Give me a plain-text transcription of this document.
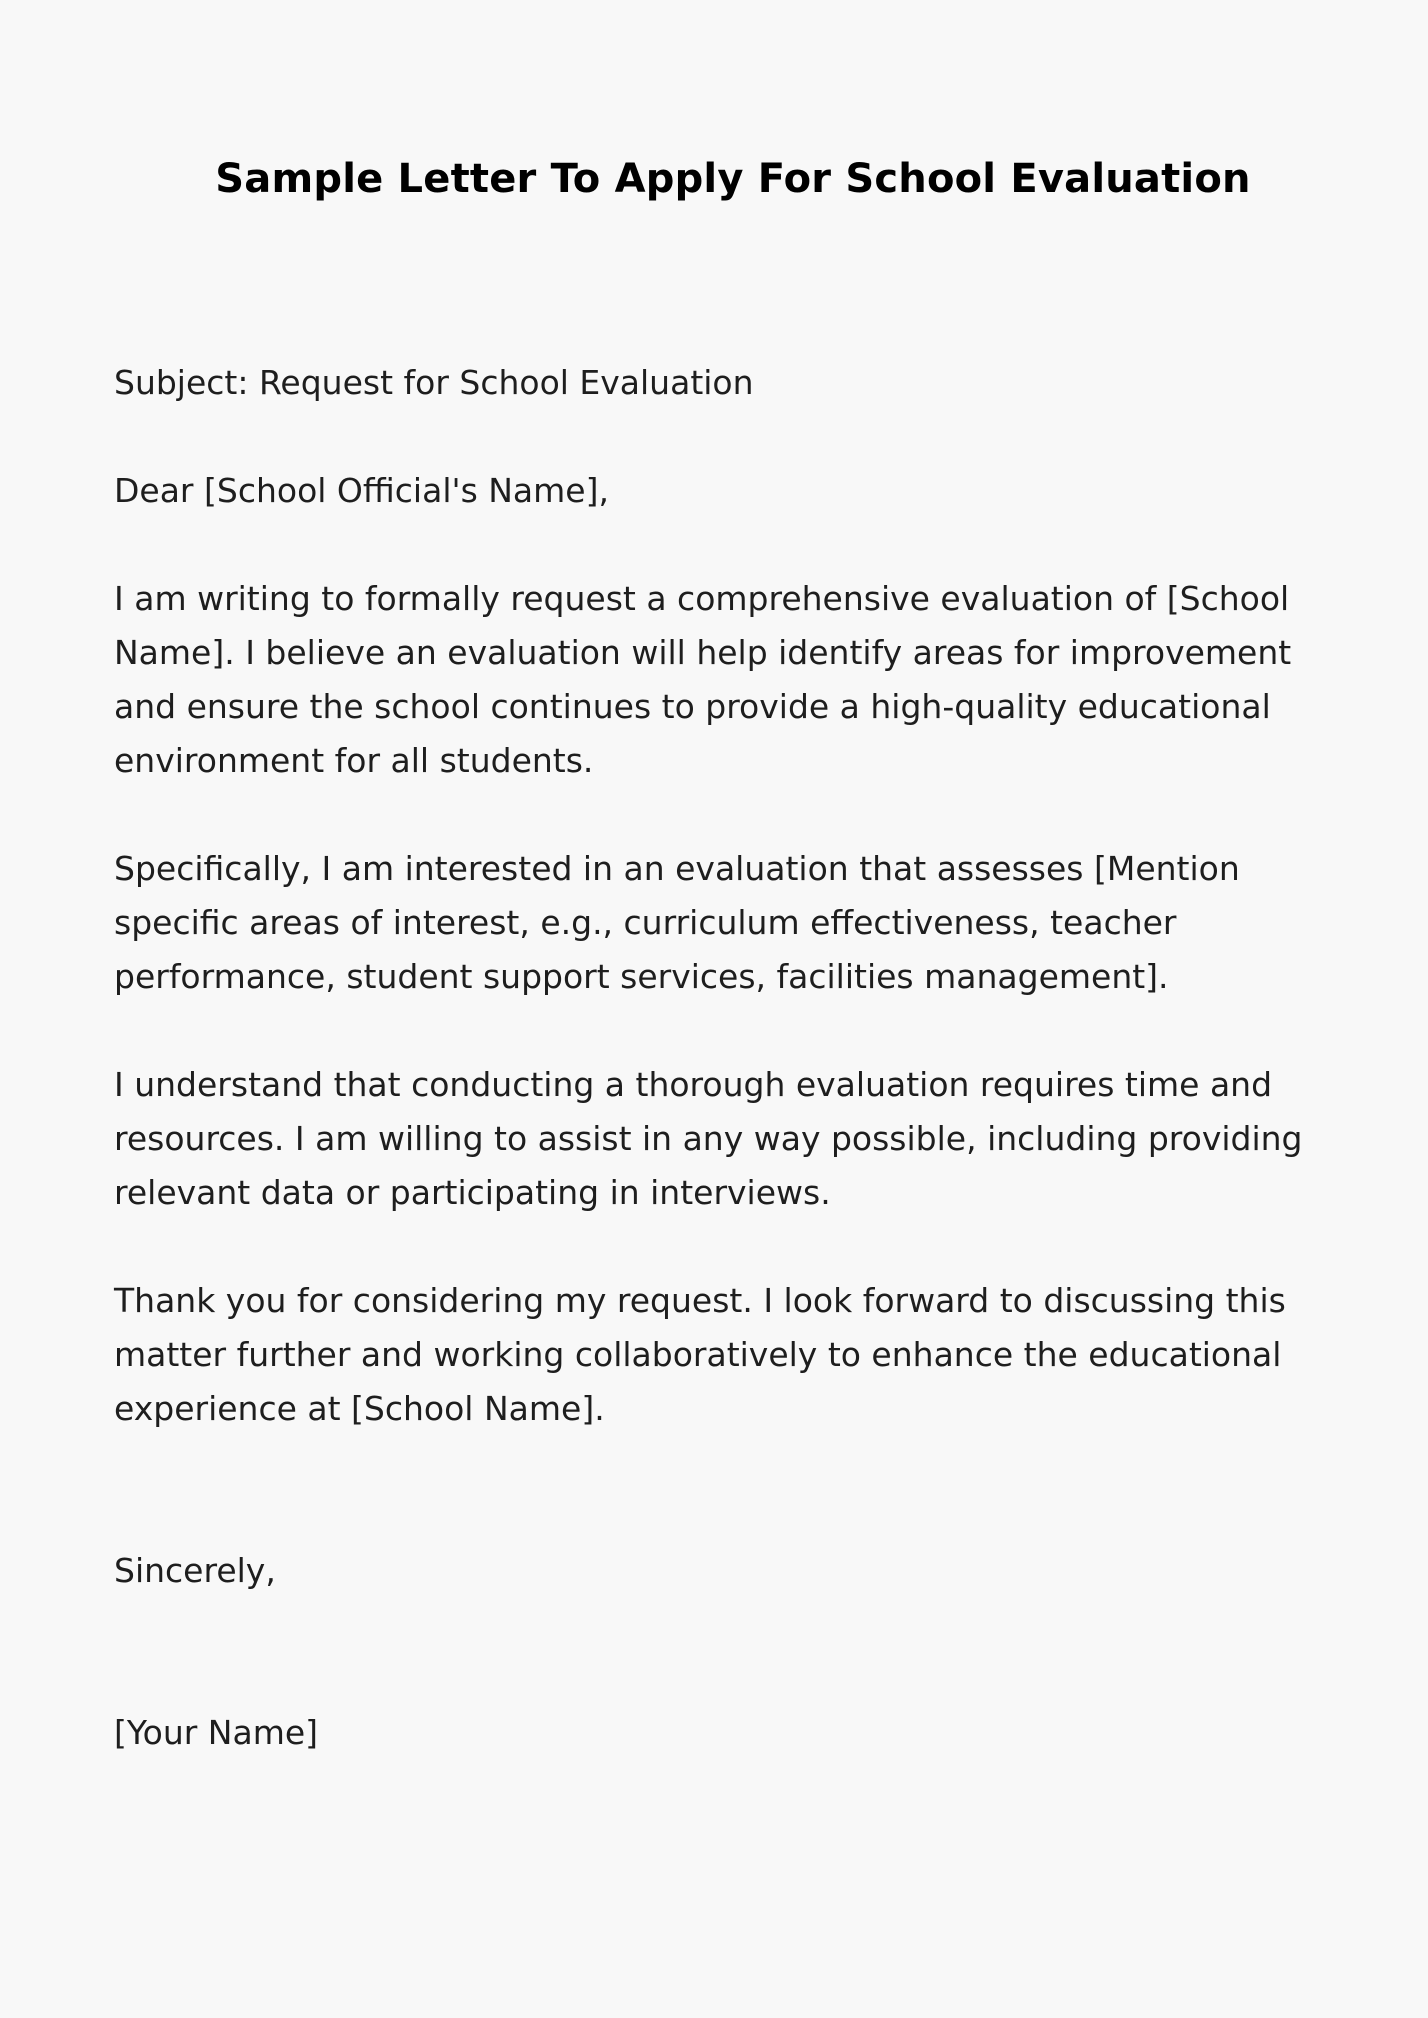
Sample Letter To Apply For School Evaluation

Subject: Request for School Evaluation

Dear [School Official's Name],

I am writing to formally request a comprehensive evaluation of [School Name]. I believe an evaluation will help identify areas for improvement and ensure the school continues to provide a high-quality educational environment for all students.

Specifically, I am interested in an evaluation that assesses [Mention specific areas of interest, e.g., curriculum effectiveness, teacher performance, student support services, facilities management].

I understand that conducting a thorough evaluation requires time and resources. I am willing to assist in any way possible, including providing relevant data or participating in interviews.

Thank you for considering my request. I look forward to discussing this matter further and working collaboratively to enhance the educational experience at [School Name].

Sincerely,

[Your Name]
